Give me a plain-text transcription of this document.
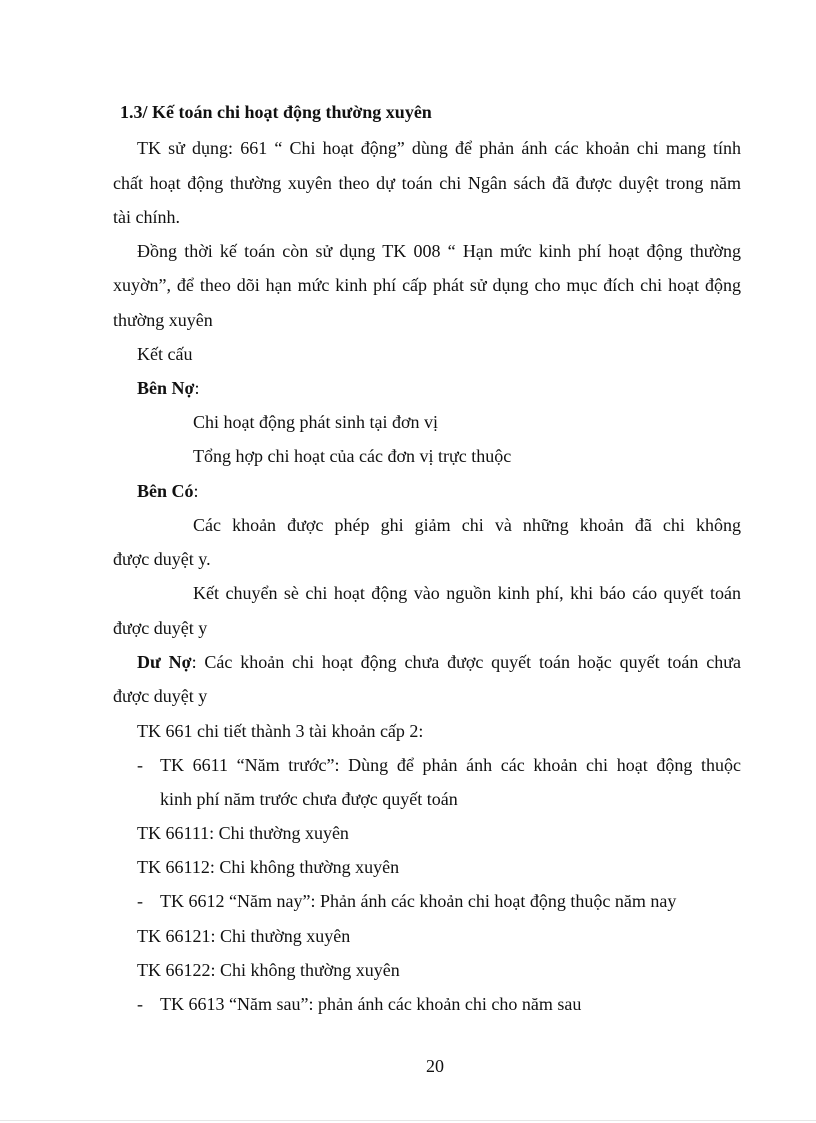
1.3/ Kế toán chi hoạt động thường xuyên
TK sử dụng: 661 “ Chi hoạt động” dùng để phản ánh các khoản chi mang tính
chất hoạt động thường xuyên theo dự toán chi Ngân sách đã được duyệt trong năm
tài chính.
Đồng thời kế toán còn sử dụng TK 008 “ Hạn mức kinh phí hoạt động thường
xuyờn”, để theo dõi hạn mức kinh phí cấp phát sử dụng cho mục đích chi hoạt động
thường xuyên
Kết cấu
Bên Nợ:
Chi hoạt động phát sinh tại đơn vị
Tổng hợp chi hoạt của các đơn vị trực thuộc
Bên Có:
Các khoản được phép ghi giảm chi và những khoản đã chi không
được duyệt y.
Kết chuyển sè chi hoạt động vào nguồn kinh phí, khi báo cáo quyết toán
được duyệt y
Dư Nợ: Các khoản chi hoạt động chưa được quyết toán hoặc quyết toán chưa
được duyệt y
TK 661 chi tiết thành 3 tài khoản cấp 2:
- TK 6611 “Năm trước”: Dùng để phản ánh các khoản chi hoạt động thuộc
kinh phí năm trước chưa được quyết toán
TK 66111: Chi thường xuyên
TK 66112: Chi không thường xuyên
- TK 6612 “Năm nay”: Phản ánh các khoản chi hoạt động thuộc năm nay
TK 66121: Chi thường xuyên
TK 66122: Chi không thường xuyên
- TK 6613 “Năm sau”: phản ánh các khoản chi cho năm sau
20
